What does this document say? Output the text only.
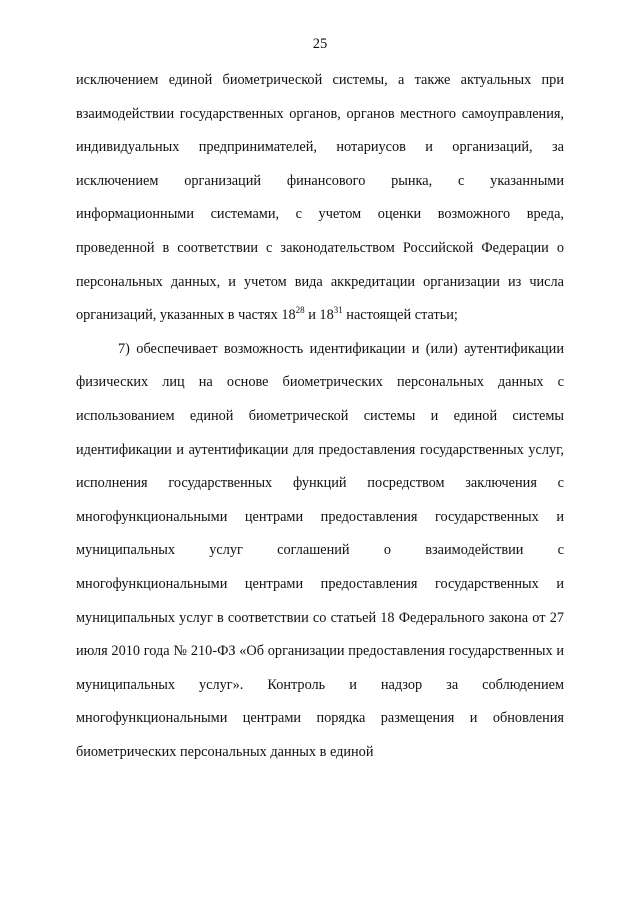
25

исключением единой биометрической системы, а также актуальных при взаимодействии государственных органов, органов местного самоуправления, индивидуальных предпринимателей, нотариусов и организаций, за исключением организаций финансового рынка, с указанными информационными системами, с учетом оценки возможного вреда, проведенной в соответствии с законодательством Российской Федерации о персональных данных, и учетом вида аккредитации организации из числа организаций, указанных в частях $18^{28}$ и $18^{31}$ настоящей статьи;

7) обеспечивает возможность идентификации и (или) аутентификации физических лиц на основе биометрических персональных данных с использованием единой биометрической системы и единой системы идентификации и аутентификации для предоставления государственных услуг, исполнения государственных функций посредством заключения с многофункциональными центрами предоставления государственных и муниципальных услуг соглашений о взаимодействии с многофункциональными центрами предоставления государственных и муниципальных услуг в соответствии со статьей 18 Федерального закона от 27 июля 2010 года № 210-ФЗ «Об организации предоставления государственных и муниципальных услуг». Контроль и надзор за соблюдением многофункциональными центрами порядка размещения и обновления биометрических персональных данных в единой
